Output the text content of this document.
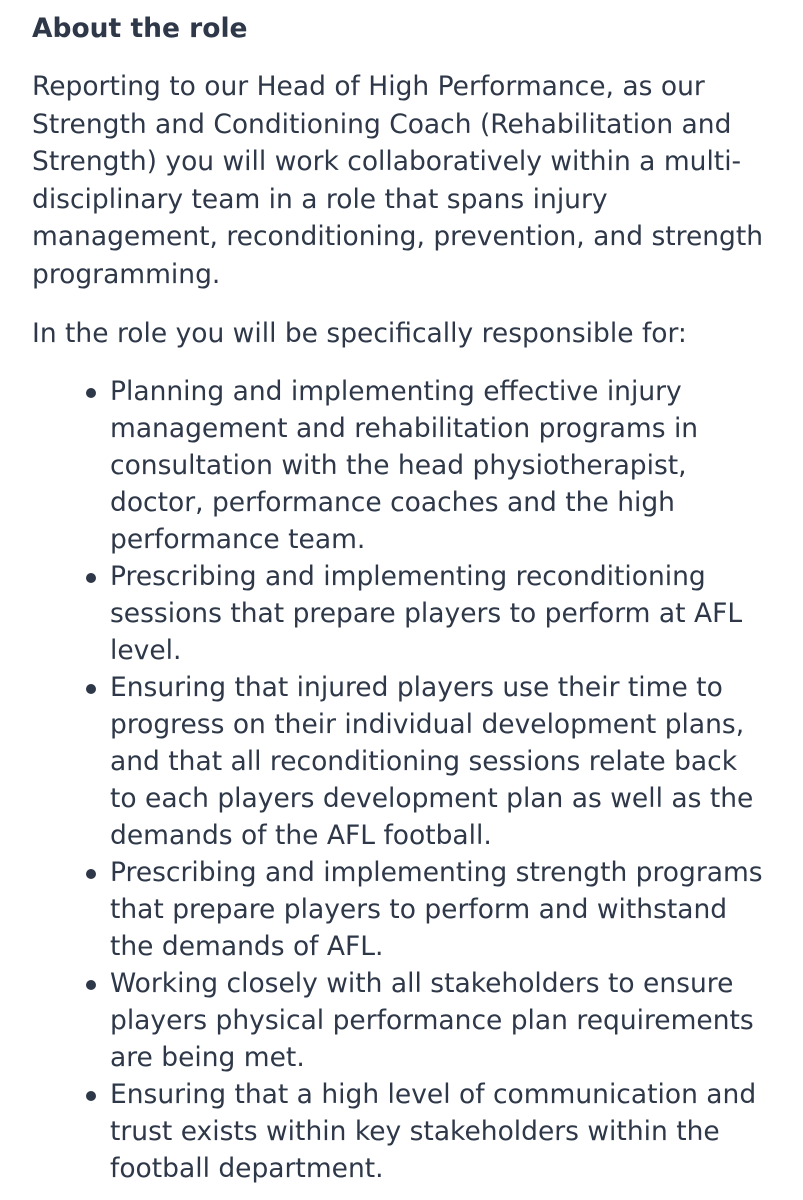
About the role

Reporting to our Head of High Performance, as our Strength and Conditioning Coach (Rehabilitation and Strength) you will work collaboratively within a multi-disciplinary team in a role that spans injury management, reconditioning, prevention, and strength programming.

In the role you will be specifically responsible for:

Planning and implementing effective injury management and rehabilitation programs in consultation with the head physiotherapist, doctor, performance coaches and the high performance team.
Prescribing and implementing reconditioning sessions that prepare players to perform at AFL level.
Ensuring that injured players use their time to progress on their individual development plans, and that all reconditioning sessions relate back to each players development plan as well as the demands of the AFL football.
Prescribing and implementing strength programs that prepare players to perform and withstand the demands of AFL.
Working closely with all stakeholders to ensure players physical performance plan requirements are being met.
Ensuring that a high level of communication and trust exists within key stakeholders within the football department.
